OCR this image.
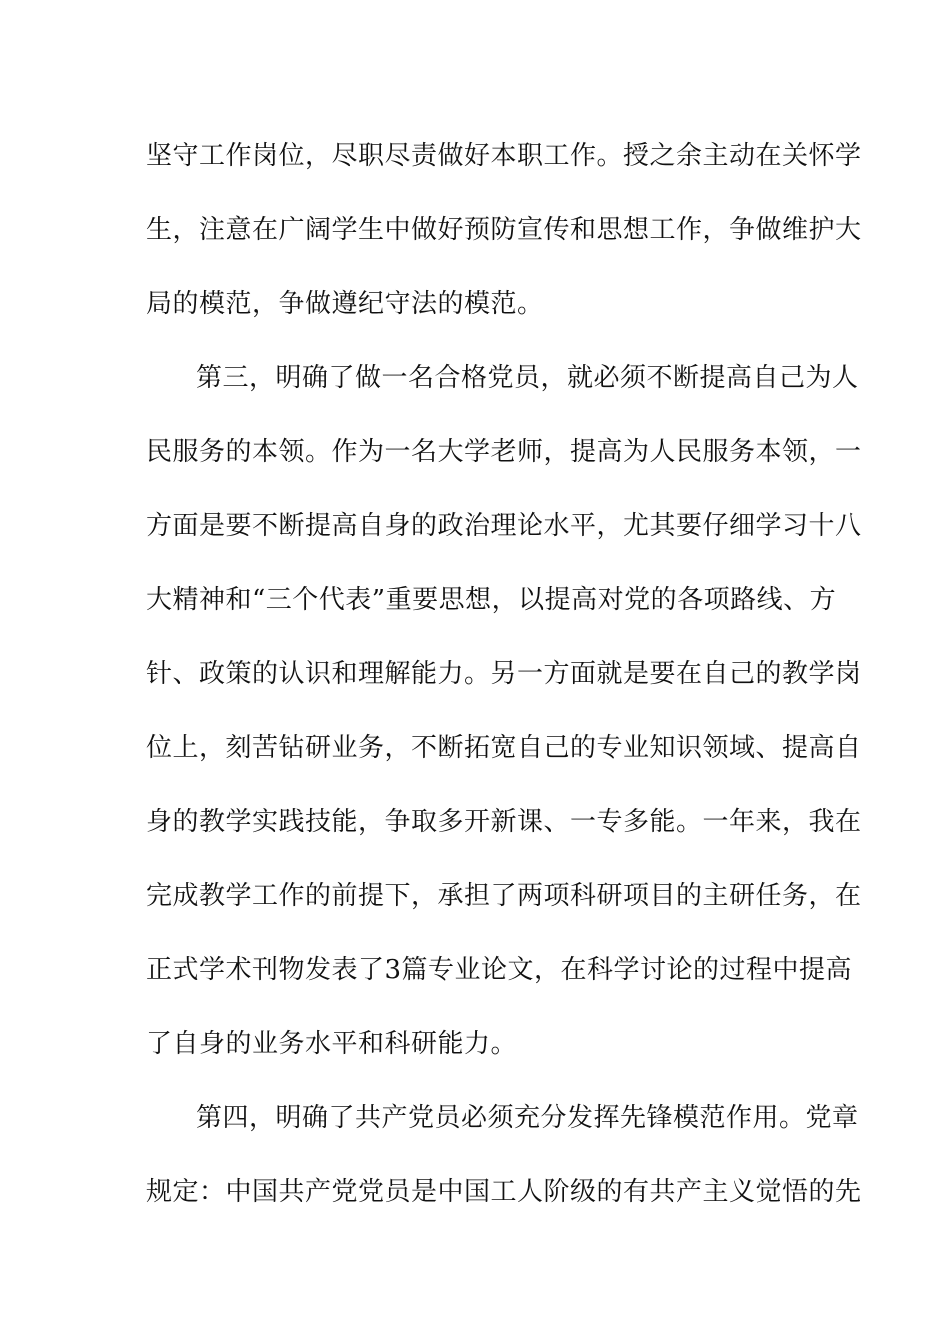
坚守工作岗位，尽职尽责做好本职工作。授之余主动在关怀学
生，注意在广阔学生中做好预防宣传和思想工作，争做维护大
局的模范，争做遵纪守法的模范。
第三，明确了做一名合格党员，就必须不断提高自己为人
民服务的本领。作为一名大学老师，提高为人民服务本领，一
方面是要不断提高自身的政治理论水平，尤其要仔细学习十八
大精神和“三个代表”重要思想，以提高对党的各项路线、方
针、政策的认识和理解能力。另一方面就是要在自己的教学岗
位上，刻苦钻研业务，不断拓宽自己的专业知识领域、提高自
身的教学实践技能，争取多开新课、一专多能。一年来，我在
完成教学工作的前提下，承担了两项科研项目的主研任务，在
正式学术刊物发表了3篇专业论文，在科学讨论的过程中提高
了自身的业务水平和科研能力。
第四，明确了共产党员必须充分发挥先锋模范作用。党章
规定：中国共产党党员是中国工人阶级的有共产主义觉悟的先
